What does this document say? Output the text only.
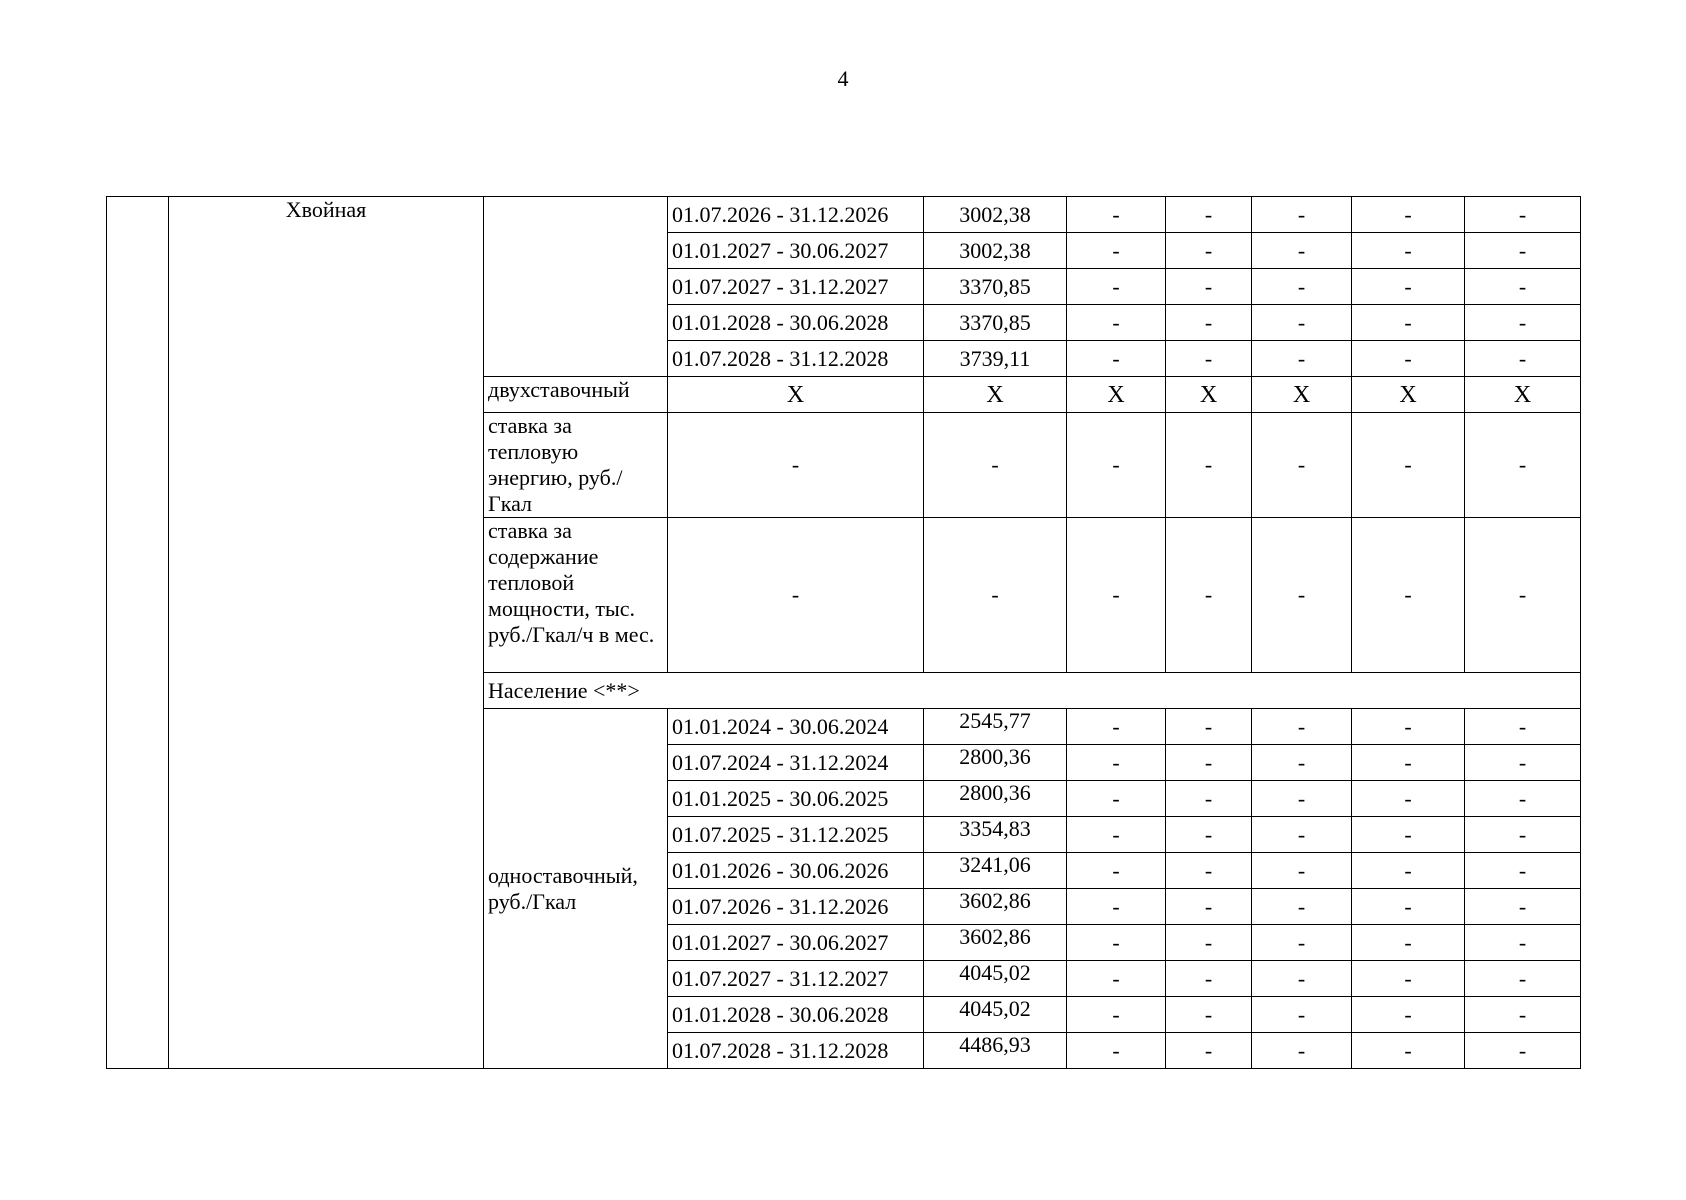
4
	Хвойная		01.07.2026 - 31.12.2026	3002,38	-	-	-	-	-
			01.01.2027 - 30.06.2027	3002,38	-	-	-	-	-
			01.07.2027 - 31.12.2027	3370,85	-	-	-	-	-
			01.01.2028 - 30.06.2028	3370,85	-	-	-	-	-
			01.07.2028 - 31.12.2028	3739,11	-	-	-	-	-
		двухставочный	X	X	X	X	X	X	X
		ставка за тепловую энергию, руб./Гкал	-	-	-	-	-	-	-
		ставка за содержание тепловой мощности, тыс. руб./Гкал/ч в мес.	-	-	-	-	-	-	-
		Население <**>							
		одноставочный, руб./Гкал	01.01.2024 - 30.06.2024	2545,77	-	-	-	-	-
			01.07.2024 - 31.12.2024	2800,36	-	-	-	-	-
			01.01.2025 - 30.06.2025	2800,36	-	-	-	-	-
			01.07.2025 - 31.12.2025	3354,83	-	-	-	-	-
			01.01.2026 - 30.06.2026	3241,06	-	-	-	-	-
			01.07.2026 - 31.12.2026	3602,86	-	-	-	-	-
			01.01.2027 - 30.06.2027	3602,86	-	-	-	-	-
			01.07.2027 - 31.12.2027	4045,02	-	-	-	-	-
			01.01.2028 - 30.06.2028	4045,02	-	-	-	-	-
			01.07.2028 - 31.12.2028	4486,93	-	-	-	-	-
